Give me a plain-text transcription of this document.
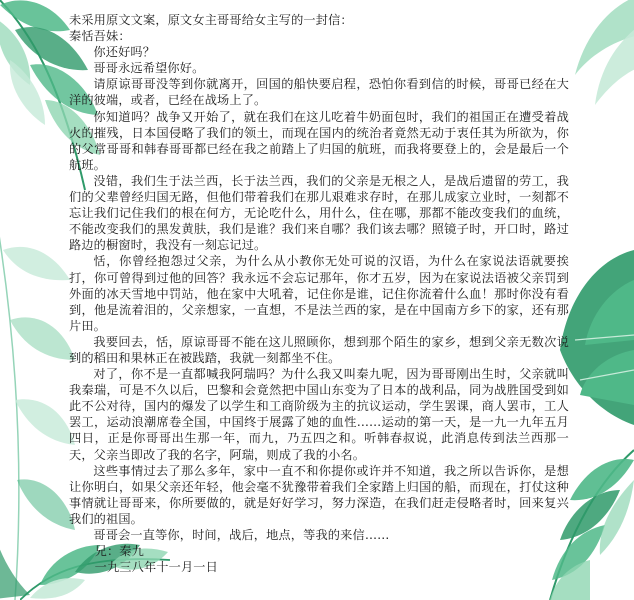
未采用原文文案，原文女主哥哥给女主写的一封信：

秦恬吾妹：

你还好吗？

哥哥永远希望你好。

请原谅哥哥没等到你就离开，回国的船快要启程，恐怕你看到信的时候，哥哥已经在大洋的彼端，或者，已经在战场上了。

你知道吗？战争又开始了，就在我们在这儿吃着牛奶面包时，我们的祖国正在遭受着战火的摧残，日本国侵略了我们的领土，而现在国内的统治者竟然无动于衷任其为所欲为，你的父常哥哥和韩春哥哥都已经在我之前踏上了归国的航班，而我将要登上的，会是最后一个航班。

没错，我们生于法兰西，长于法兰西，我们的父亲是无根之人，是战后遗留的劳工，我们的父辈曾经归国无路，但他们带着我们在那儿艰难求存时，在那儿成家立业时，一刻都不忘让我们记住我们的根在何方，无论吃什么，用什么，住在哪，那都不能改变我们的血统，不能改变我们的黑发黄肤，我们是谁？我们来自哪？我们该去哪？照镜子时，开口时，路过路边的橱窗时，我没有一刻忘记过。

恬，你曾经抱怨过父亲，为什么从小教你无处可说的汉语，为什么在家说法语就要挨打，你可曾得到过他的回答？我永远不会忘记那年，你才五岁，因为在家说法语被父亲罚到外面的冰天雪地中罚站，他在家中大吼着，记住你是谁，记住你流着什么血！那时你没有看到，他是流着泪的，父亲想家，一直想，不是法兰西的家，是在中国南方乡下的家，还有那片田。

我要回去，恬，原谅哥哥不能在这儿照顾你，想到那个陌生的家乡，想到父亲无数次说到的稻田和果林正在被践踏，我就一刻都坐不住。

对了，你不是一直都喊我阿瑞吗？为什么我又叫秦九呢，因为哥哥刚出生时，父亲就叫我秦瑞，可是不久以后，巴黎和会竟然把中国山东变为了日本的战利品，同为战胜国受到如此不公对待，国内的爆发了以学生和工商阶级为主的抗议运动，学生罢课，商人罢市，工人罢工，运动浪潮席卷全国，中国终于展露了她的血性……运动的第一天，是一九一九年五月四日，正是你哥哥出生那一年，而九，乃五四之和。听韩春叔说，此消息传到法兰西那一天，父亲当即改了我的名字，阿瑞，则成了我的小名。

这些事情过去了那么多年，家中一直不和你提你或许并不知道，我之所以告诉你，是想让你明白，如果父亲还年轻，他会毫不犹豫带着我们全家踏上归国的船，而现在，打仗这种事情就让哥哥来，你所要做的，就是好好学习，努力深造，在我们赶走侵略者时，回来复兴我们的祖国。

哥哥会一直等你，时间，战后，地点，等我的来信……

兄：秦九

一九三八年十一月一日
